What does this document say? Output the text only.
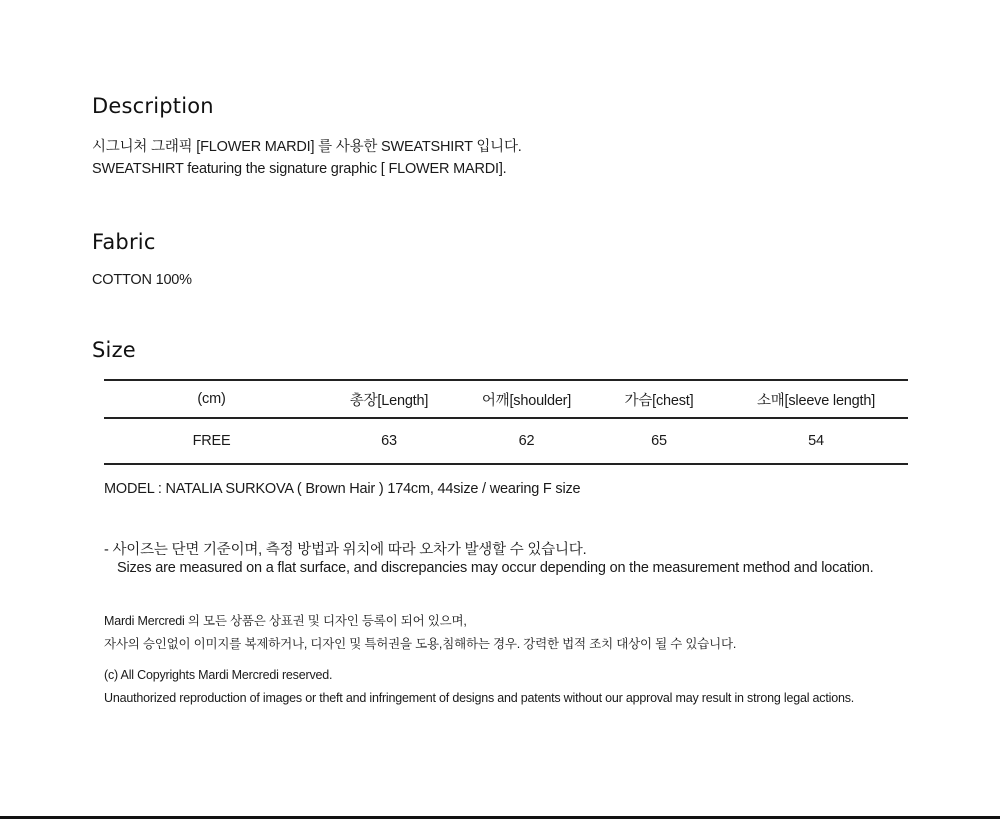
Description

시그니처 그래픽 [FLOWER MARDI] 를 사용한 SWEATSHIRT 입니다.

SWEATSHIRT featuring the signature graphic [ FLOWER MARDI].

Fabric

COTTON 100%

Size
(cm)	총장[Length]	어깨[shoulder]	가슴[chest]	소매[sleeve length]
FREE	63	62	65	54

MODEL : NATALIA SURKOVA ( Brown Hair ) 174cm, 44size / wearing F size

- 사이즈는 단면 기준이며, 측정 방법과 위치에 따라 오차가 발생할 수 있습니다.

Sizes are measured on a flat surface, and discrepancies may occur depending on the measurement method and location.

Mardi Mercredi 의 모든 상품은 상표권 및 디자인 등록이 되어 있으며,

자사의 승인없이 이미지를 복제하거나, 디자인 및 특허권을 도용,침해하는 경우. 강력한 법적 조치 대상이 될 수 있습니다.

(c) All Copyrights Mardi Mercredi reserved.

Unauthorized reproduction of images or theft and infringement of designs and patents without our approval may result in strong legal actions.
